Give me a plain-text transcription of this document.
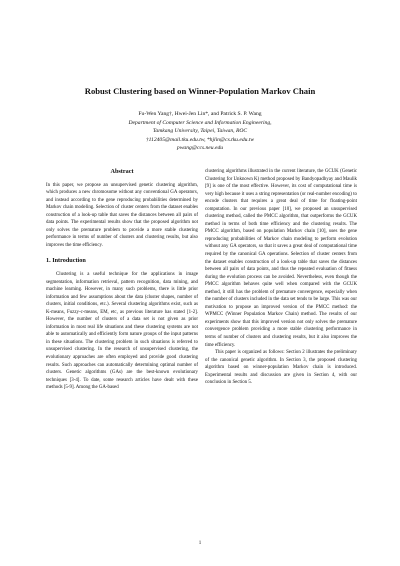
Robust Clustering based on Winner-Population Markov Chain
Fu-Wen Yang†, Hwei-Jen Lin*, and Patrick S. P. Wang
Department of Computer Science and Information Engineering,
Tamkang University, Taipei, Taiwan, ROC
†112405@mail.tku.edu.tw, *hjlin@cs.tku.edu.tw
pwang@ccs.neu.edu
Abstract

In this paper, we propose an unsupervised genetic clustering algorithm, which produces a new chromosome without any conventional GA operators, and instead according to the gene reproducing probabilities determined by Markov chain modeling. Selection of cluster centers from the dataset enables construction of a look-up table that saves the distances between all pairs of data points. The experimental results show that the proposed algorithm not only solves the premature problem to provide a more stable clustering performance in terms of number of clusters and clustering results, but also improves the time efficiency.

1. Introduction

Clustering is a useful technique for the applications in image segmentation, information retrieval, pattern recognition, data mining, and machine learning. However, in many such problems, there is little prior information and few assumptions about the data (cluster shapes, number of clusters, initial conditions, etc.). Several clustering algorithms exist, such as K-means, Fuzzy-c-means, EM, etc, as previous literature has stated [1-2]. However, the number of clusters of a data set is not given as prior information in most real life situations and these clustering systems are not able to automatically and efficiently form nature groups of the input patterns in these situations. The clustering problem in such situations is referred to unsupervised clustering. In the research of unsupervised clustering, the evolutionary approaches are often employed and provide good clustering results. Such approaches can automatically determining optimal number of clusters. Genetic algorithms (GAs) are the best-known evolutionary techniques [3-4]. To date, some research articles have dealt with these methods [5-9]. Among the GA-based

clustering algorithms illustrated in the current literature, the GCUK (Genetic Clustering for Unknown K) method proposed by Bandyopadhyay and Maulik [9] is one of the most effective. However, its cost of computational time is very high because it uses a string representation (or real-number encoding) to encode clusters that requires a great deal of time for floating-point computation. In our previous paper [10], we proposed an unsupervised clustering method, called the PMCC algorithm, that outperforms the GCUK method in terms of both time efficiency and the clustering results. The PMCC algorithm, based on population Markov chain [10], uses the gene reproducing probabilities of Markov chain modeling to perform evolution without any GA operators, so that it saves a great deal of computational time required by the canonical GA operations. Selection of cluster centers from the dataset enables construction of a look-up table that saves the distances between all pairs of data points, and thus the repeated evaluation of fitness during the evolution process can be avoided. Nevertheless, even though the PMCC algorithm behaves quite well when compared with the GCUK method, it still has the problem of premature convergence, especially when the number of clusters included in the data set tends to be large. This was our motivation to propose an improved version of the PMCC method: the WPMCC (Winner Population Markov Chain) method. The results of our experiments show that this improved version not only solves the premature convergence problem providing a more stable clustering performance in terms of number of clusters and clustering results, but it also improves the time efficiency.

This paper is organized as follows: Section 2 illustrates the preliminary of the canonical genetic algorithm. In Section 3, the proposed clustering algorithm based on winner-population Markov chain is introduced. Experimental results and discussion are given in Section 4, with our conclusion in Section 5.

1
